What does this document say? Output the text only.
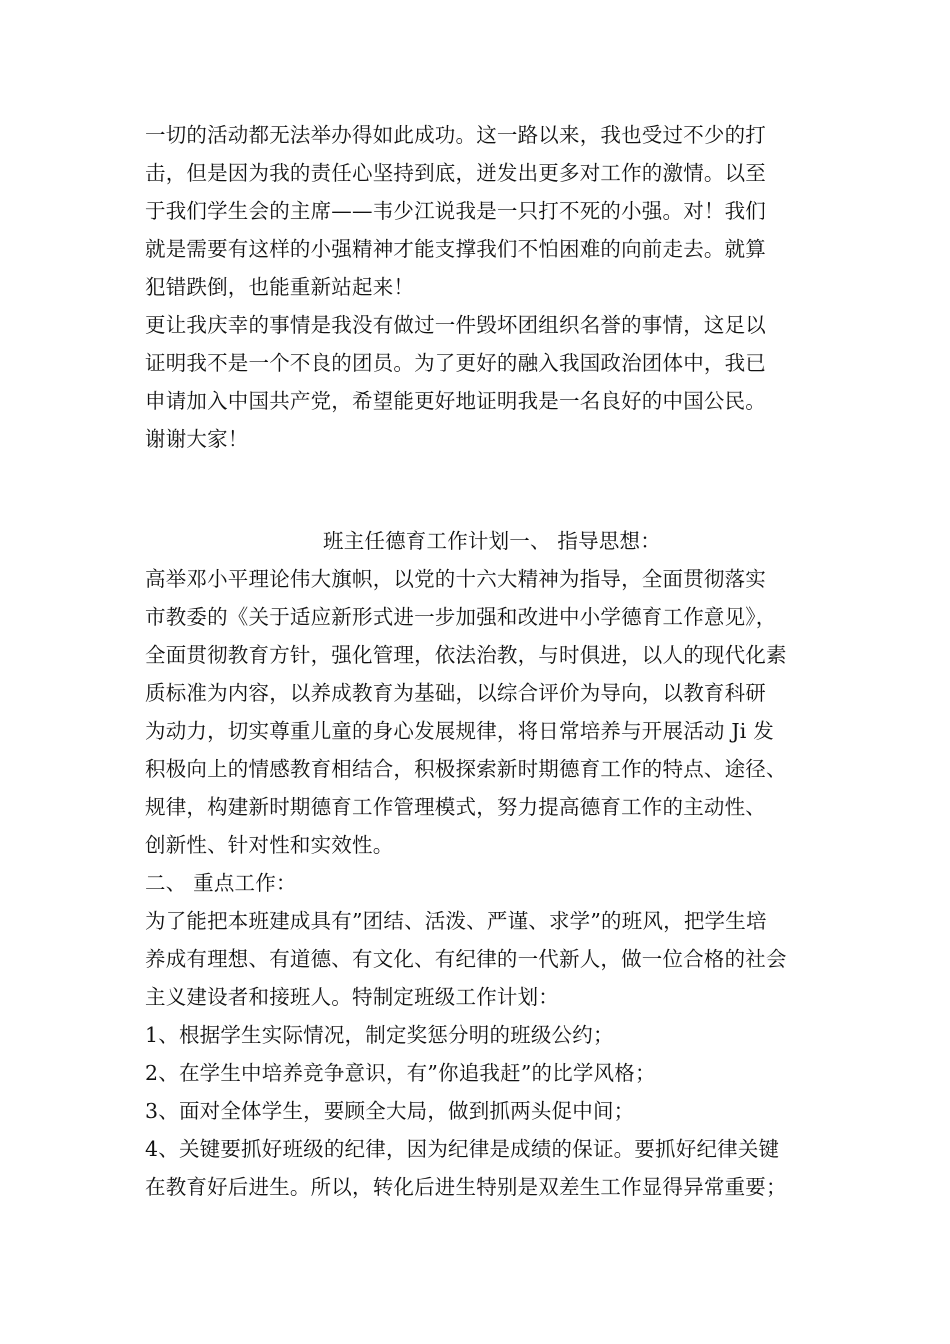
一切的活动都无法举办得如此成功。这一路以来，我也受过不少的打
击，但是因为我的责任心坚持到底，迸发出更多对工作的激情。以至
于我们学生会的主席——韦少江说我是一只打不死的小强。对！我们
就是需要有这样的小强精神才能支撑我们不怕困难的向前走去。就算
犯错跌倒，也能重新站起来！
更让我庆幸的事情是我没有做过一件毁坏团组织名誉的事情，这足以
证明我不是一个不良的团员。为了更好的融入我国政治团体中，我已
申请加入中国共产党，希望能更好地证明我是一名良好的中国公民。
谢谢大家！
班主任德育工作计划一、 指导思想：
高举邓小平理论伟大旗帜，以党的十六大精神为指导，全面贯彻落实
市教委的《关于适应新形式进一步加强和改进中小学德育工作意见》，
全面贯彻教育方针，强化管理，依法治教，与时俱进，以人的现代化素
质标准为内容，以养成教育为基础，以综合评价为导向，以教育科研
为动力，切实尊重儿童的身心发展规律，将日常培养与开展活动 Ji 发
积极向上的情感教育相结合，积极探索新时期德育工作的特点、途径、
规律，构建新时期德育工作管理模式，努力提高德育工作的主动性、
创新性、针对性和实效性。
二、 重点工作：
为了能把本班建成具有”团结、活泼、严谨、求学”的班风，把学生培
养成有理想、有道德、有文化、有纪律的一代新人，做一位合格的社会
主义建设者和接班人。特制定班级工作计划：
1、根据学生实际情况，制定奖惩分明的班级公约；
2、在学生中培养竞争意识，有”你追我赶”的比学风格；
3、面对全体学生，要顾全大局，做到抓两头促中间；
4、关键要抓好班级的纪律，因为纪律是成绩的保证。要抓好纪律关键
在教育好后进生。所以，转化后进生特别是双差生工作显得异常重要；
